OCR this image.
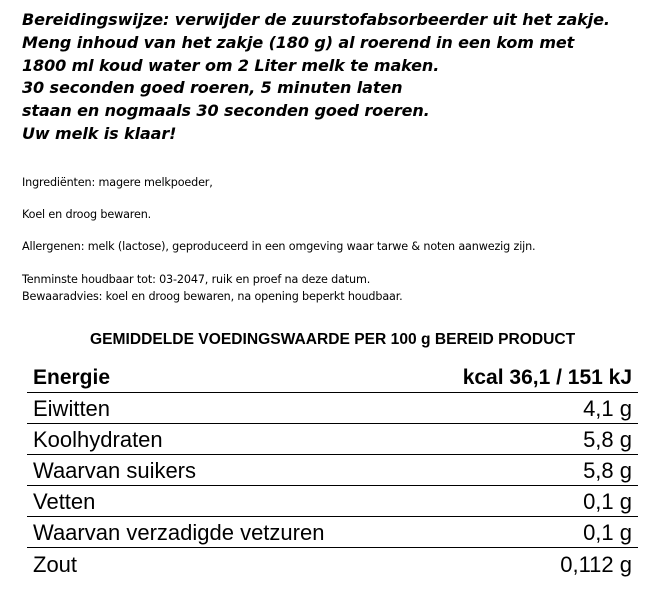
Bereidingswijze: verwijder de zuurstofabsorbeerder uit het zakje.
Meng inhoud van het zakje (180 g) al roerend in een kom met
1800 ml koud water om 2 Liter melk te maken.
30 seconden goed roeren, 5 minuten laten
staan en nogmaals 30 seconden goed roeren.
Uw melk is klaar!
Ingrediënten: magere melkpoeder,
Koel en droog bewaren.
Allergenen: melk (lactose), geproduceerd in een omgeving waar tarwe & noten aanwezig zijn.
Tenminste houdbaar tot: 03-2047, ruik en proef na deze datum.
Bewaaradvies: koel en droog bewaren, na opening beperkt houdbaar.
GEMIDDELDE VOEDINGSWAARDE PER 100 g BEREID PRODUCT
Energie	kcal 36,1 / 151 kJ
Eiwitten	4,1 g
Koolhydraten	5,8 g
Waarvan suikers	5,8 g
Vetten	0,1 g
Waarvan verzadigde vetzuren	0,1 g
Zout	0,112 g
